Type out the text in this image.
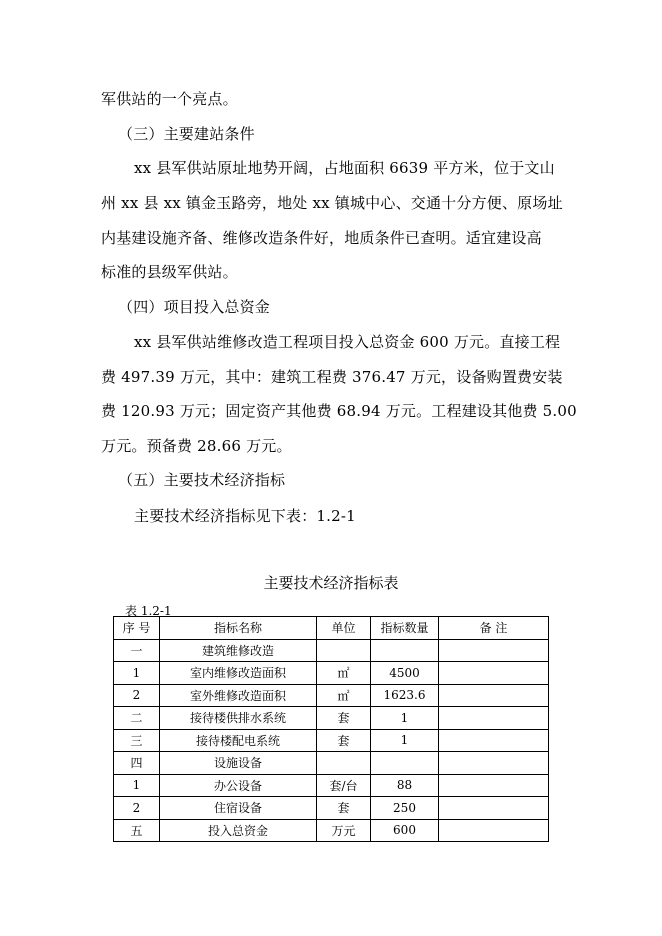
军供站的一个亮点。
（三）主要建站条件
xx 县军供站原址地势开阔，占地面积 6639 平方米，位于文山
州 xx 县 xx 镇金玉路旁，地处 xx 镇城中心、交通十分方便、原场址
内基建设施齐备、维修改造条件好，地质条件已查明。适宜建设高
标准的县级军供站。
（四）项目投入总资金
xx 县军供站维修改造工程项目投入总资金 600 万元。直接工程
费 497.39 万元，其中：建筑工程费 376.47 万元，设备购置费安装
费 120.93 万元；固定资产其他费 68.94 万元。工程建设其他费 5.00
万元。预备费 28.66 万元。
（五）主要技术经济指标
主要技术经济指标见下表：1.2-1
主要技术经济指标表
表 1.2-1
序 号	指标名称	单位	指标数量	备 注
一	建筑维修改造			
1	室内维修改造面积	㎡	4500	
2	室外维修改造面积	㎡	1623.6	
二	接待楼供排水系统	套	1	
三	接待楼配电系统	套	1	
四	设施设备			
1	办公设备	套/台	88	
2	住宿设备	套	250	
五	投入总资金	万元	600	
